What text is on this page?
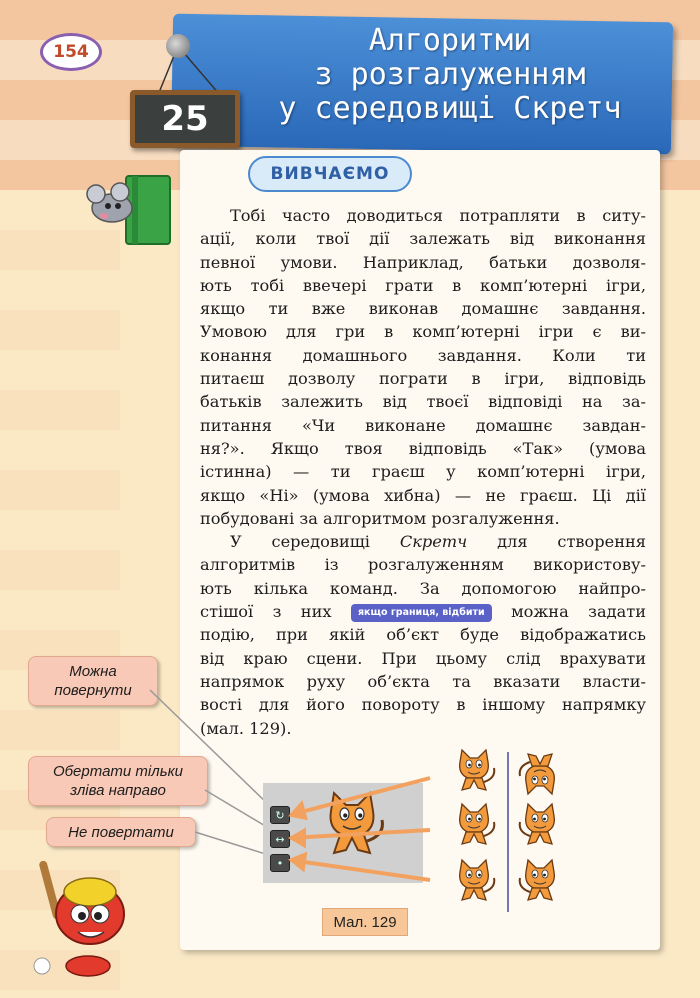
154	Алгоритми
з розгалуженням
у середовищі Скретч
25
ВИВЧАЄМО
Тобі часто доводиться потрапляти в ситу-
ації, коли твої дії залежать від виконання
певної умови. Наприклад, батьки дозволя-
ють тобі ввечері грати в комп’ютерні ігри,
якщо ти вже виконав домашнє завдання.
Умовою для гри в комп’ютерні ігри є ви-
конання домашнього завдання. Коли ти
питаєш дозволу пограти в ігри, відповідь
батьків залежить від твоєї відповіді на за-
питання «Чи виконане домашнє завдан-
ня?». Якщо твоя відповідь «Так» (умова
істинна) — ти граєш у комп’ютерні ігри,
якщо «Ні» (умова хибна) — не граєш. Ці дії
побудовані за алгоритмом розгалуження.
У середовищі Скретч для створення
алгоритмів із розгалуженням використову-
ють кілька команд. За допомогою найпро-
стішої з них	якщо границя, відбити можна задати
подію, при якій об’єкт буде відображатись
від краю сцени. При цьому слід врахувати
напрямок руху об’єкта та вказати власти-
вості для його повороту в іншому напрямку
(мал. 129).
Можна повернути
Обертати тільки зліва направо
Не повертати
↻
↔
•
Мал. 129
